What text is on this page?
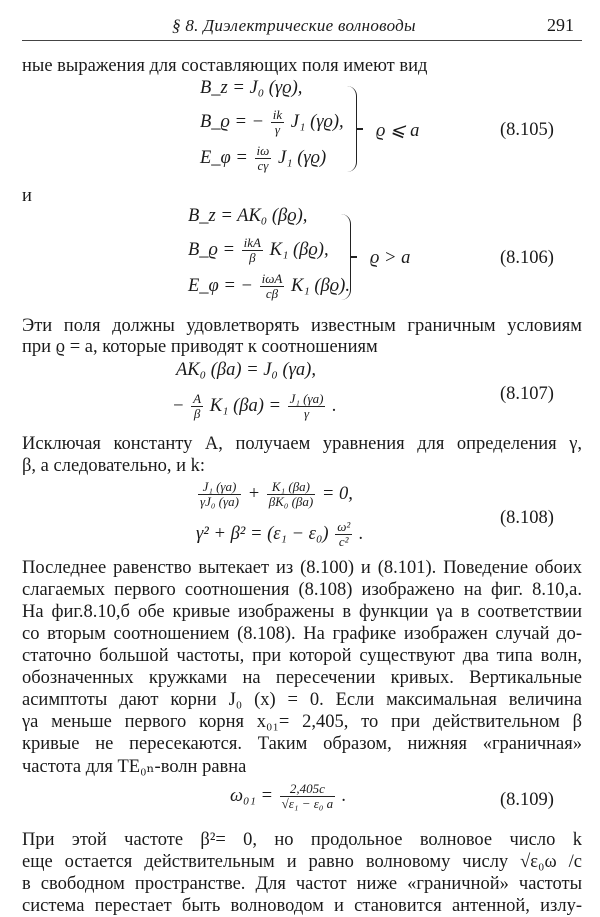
§ 8. Диэлектрические волноводы	291
ные выражения для составляющих поля имеют вид
B_z = J₀ (γϱ),
B_ϱ = − $\frac{ik}{\gamma} J_1$ (γϱ),
E_φ = $\frac{i\omega}{c\gamma} J_1$ (γϱ)
ϱ ⩽ a	(8.105)
и
B_z = AK₀ (βϱ),
B_ϱ = $\frac{\text{ikA}}{\beta} K_1$ (βϱ),
E_φ = − $\frac{\text{iωA}}{c\beta} K_1$ (βϱ).
ϱ > a	(8.106)
Эти поля должны удовлетворять известным граничным условиям
при ϱ = a, которые приводят к соотношениям
AK₀ (βa) = J₀ (γa),
− $\frac{A}{\beta} K_1$ $(\beta a) = \frac{\text{J₁ (γa)}}{\gamma}$ .
(8.107)
Исключая константу A, получаем уравнения для определения γ,
β, а следовательно, и k:
$\frac{\text{J₁ (γa)}}{\text{γJ₀ (γa)}} + \frac{\text{K₁ (βa)}}{\text{βK₀ (βa)}} = 0$,
$\gamma^2 + \beta^2 = (\varepsilon_1 - \varepsilon_0) \frac{\text{ω²}}{\text{c²}}$ .
(8.108)
Последнее равенство вытекает из (8.100) и (8.101). Поведение обоих
слагаемых первого соотношения (8.108) изображено на фиг. 8.10,а.
На фиг.8.10,б обе кривые изображены в функции γa в соответствии
со вторым соотношением (8.108). На графике изображен случай до-
статочно большой частоты, при которой существуют два типа волн,
обозначенных кружками на пересечении кривых. Вертикальные
асимптоты дают корни J₀ (x) = 0. Если максимальная величина
γa меньше первого корня x₀₁= 2,405, то при действительном β
кривые не пересекаются. Таким образом, нижняя «граничная»
частота для TE₀ₙ-волн равна
$\omega_{01} = \frac{2,405c}{\text{√ε₁ − ε₀ a}}$ .	(8.109)
При этой частоте β²= 0, но продольное волновое число k
еще остается действительным и равно волновому числу √ε₀ω /c
в свободном пространстве. Для частот ниже «граничной» частоты
система перестает быть волноводом и становится антенной, излу-
